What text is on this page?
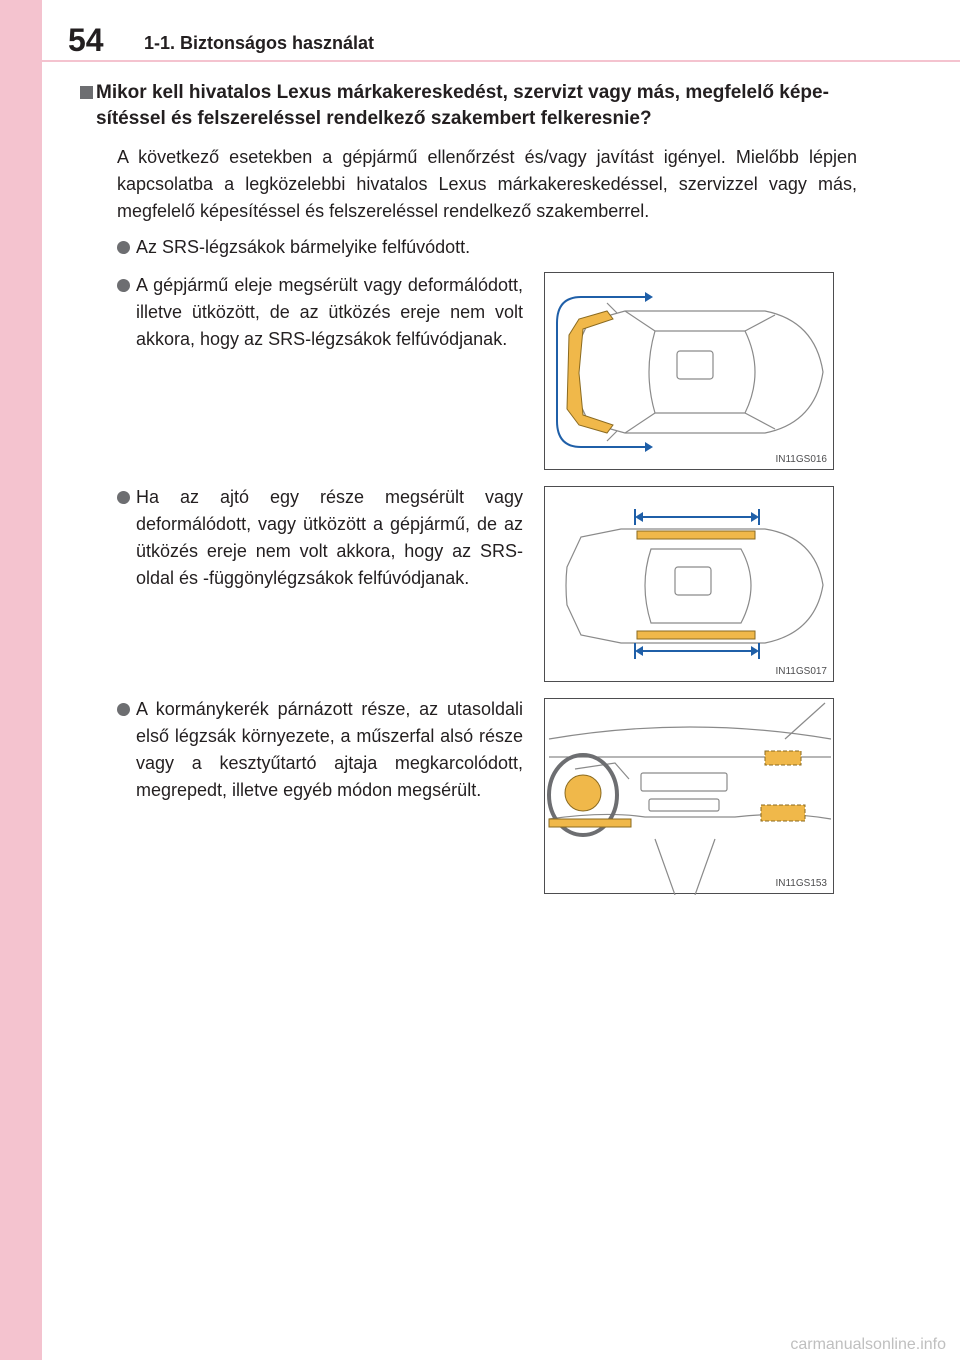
54 1-1. Biztonságos használat

Mikor kell hivatalos Lexus márkakereskedést, szervizt vagy más, megfelelő képe-
sítéssel és felszereléssel rendelkező szakembert felkeresnie?

A következő esetekben a gépjármű ellenőrzést és/vagy javítást igényel. Mielőbb lépjen kapcsolatba a legközelebbi hivatalos Lexus márkakereskedéssel, szervizzel vagy más, megfelelő képesítéssel és felszereléssel rendelkező szakemberrel.

Az SRS-légzsákok bármelyike felfúvódott.

A gépjármű eleje megsérült vagy deformálódott, illetve ütközött, de az ütközés ereje nem volt akkora, hogy az SRS-légzsákok felfúvódjanak.

Ha az ajtó egy része megsérült vagy deformálódott, vagy ütközött a gépjármű, de az ütközés ereje nem volt akkora, hogy az SRS-oldal és -függönylégzsákok felfúvódjanak.

A kormánykerék párnázott része, az utasoldali első légzsák környezete, a műszerfal alsó része vagy a kesztyűtartó ajtaja megkarcolódott, megrepedt, illetve egyéb módon megsérült.

IN11GS016
IN11GS017
IN11GS153
carmanualsonline.info
